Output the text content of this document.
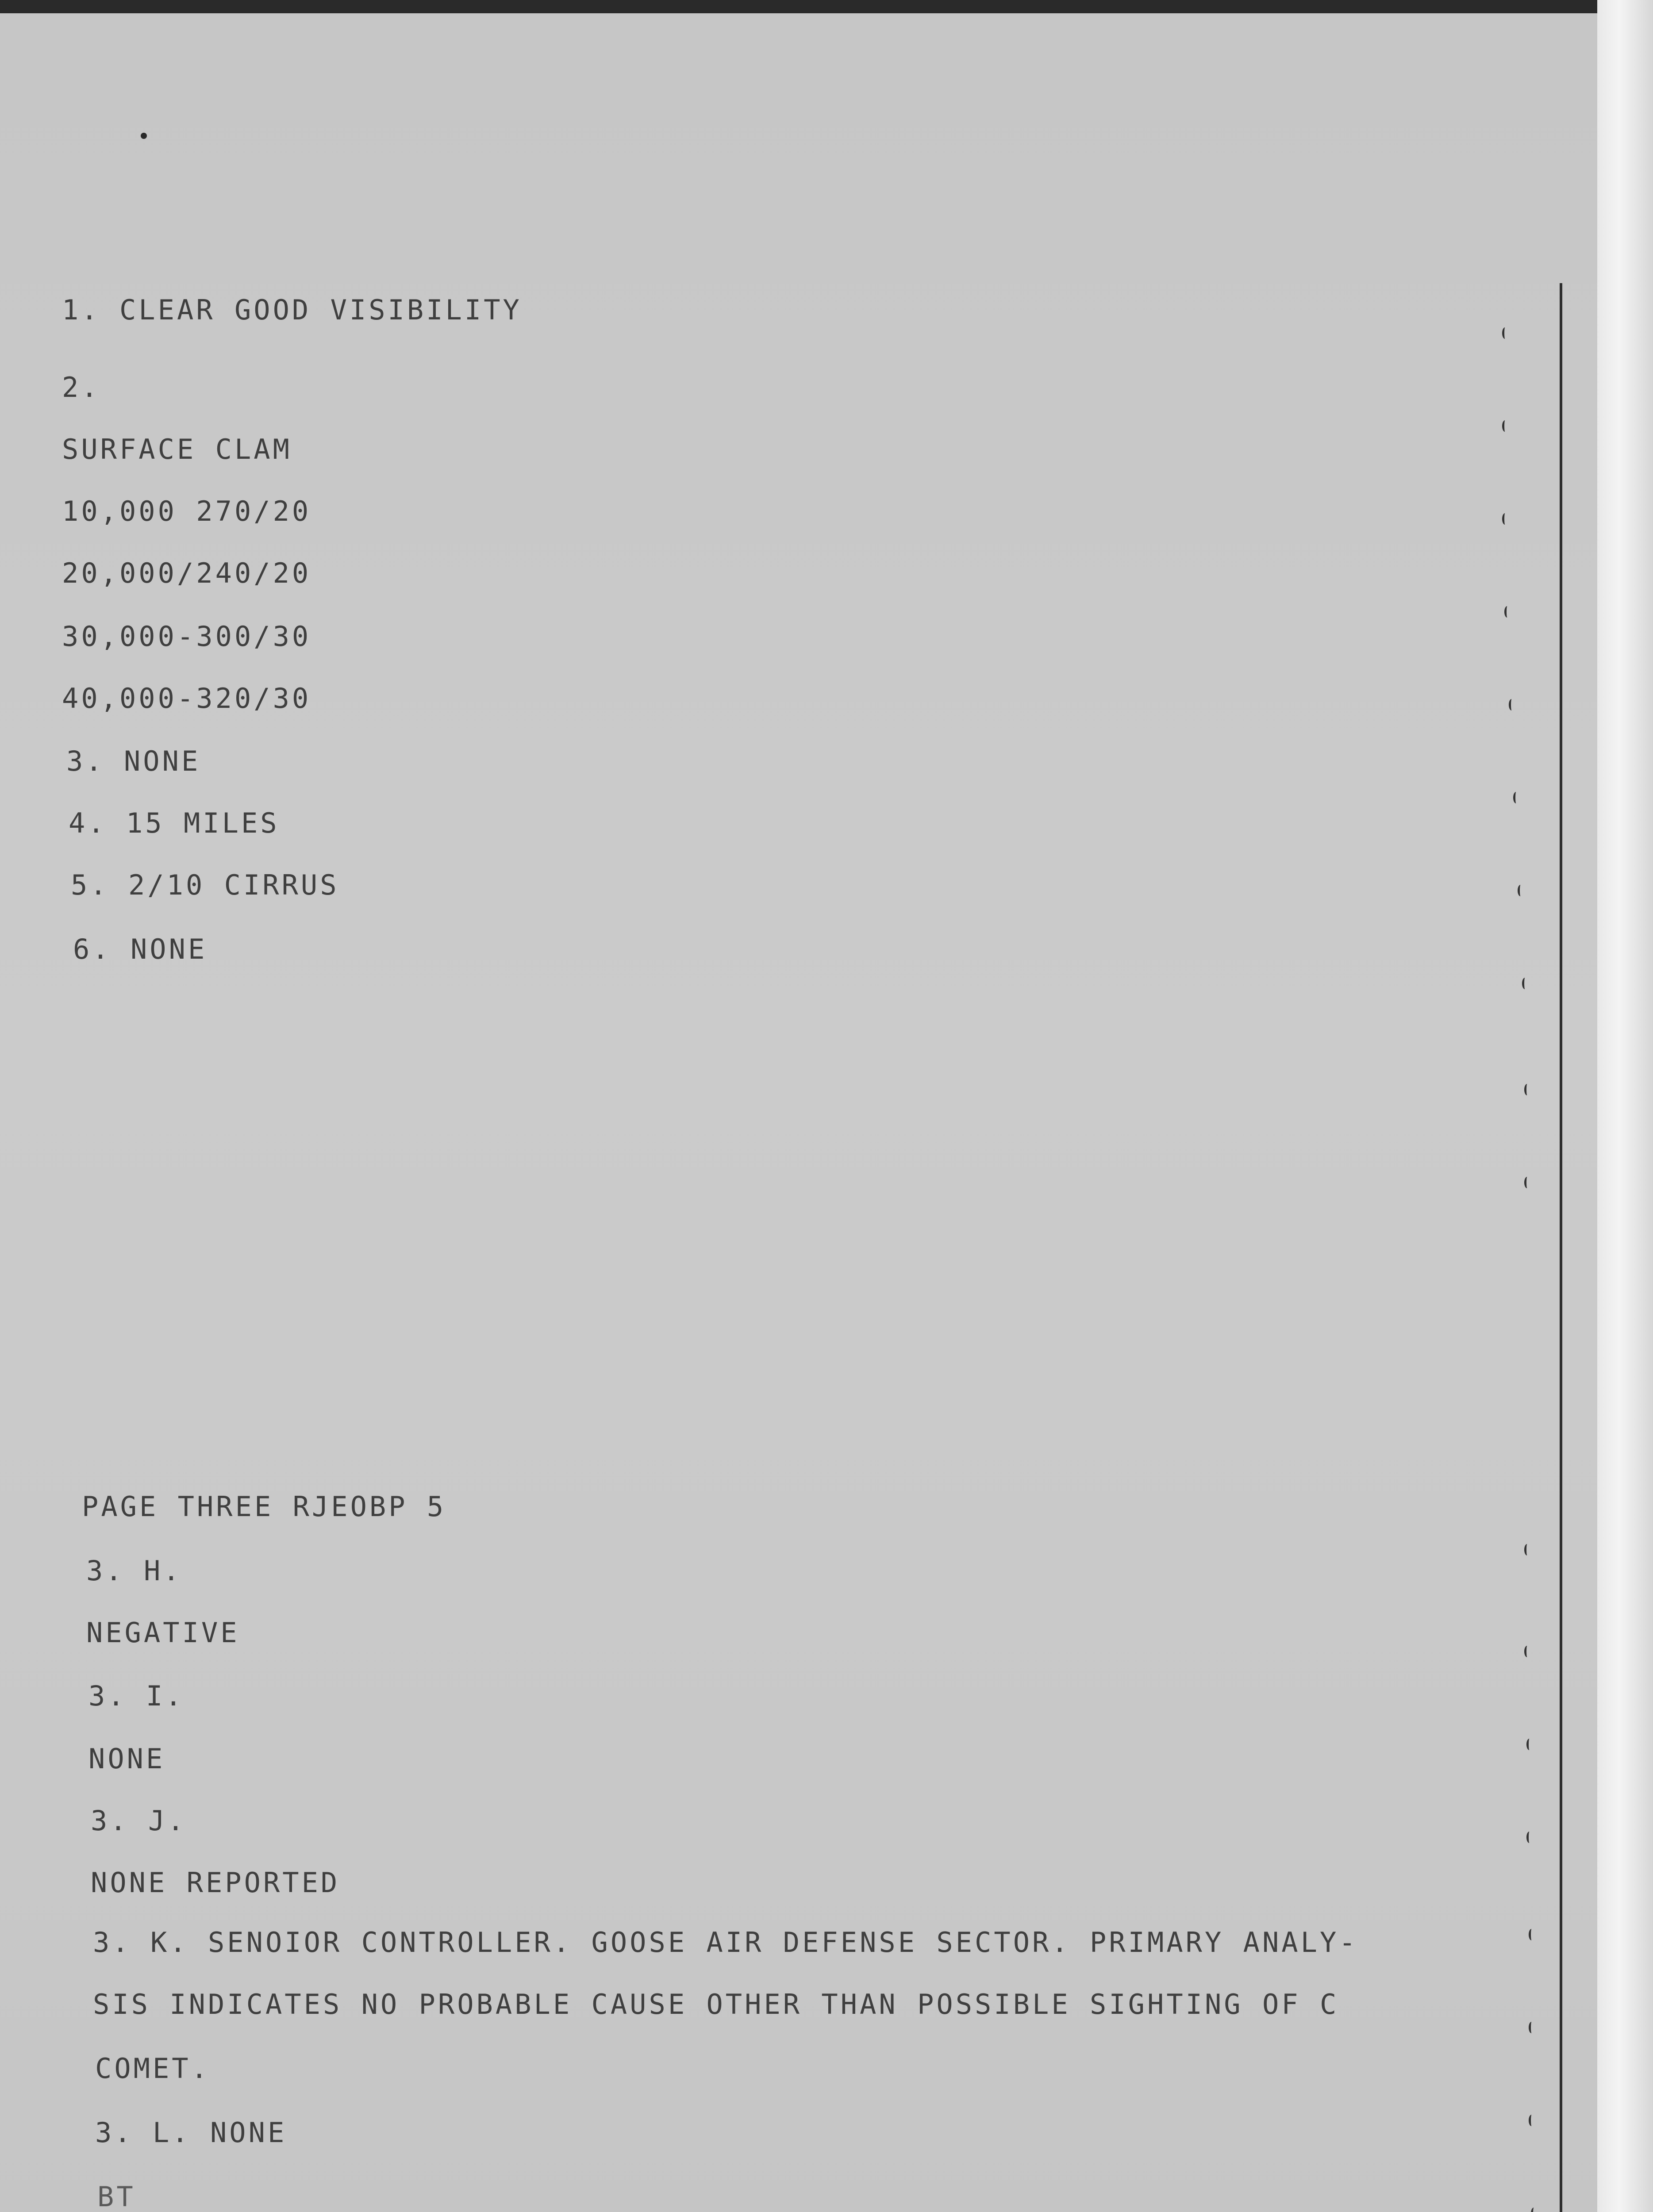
1. CLEAR GOOD VISIBILITY

2.

SURFACE CLAM

10,000 270/20

20,000/240/20

30,000-300/30

40,000-320/30

3. NONE

4. 15 MILES

5. 2/10 CIRRUS

6. NONE

PAGE THREE RJEOBP 5

3. H.

NEGATIVE

3. I.

NONE

3. J.

NONE REPORTED

3. K. SENOIOR CONTROLLER. GOOSE AIR DEFENSE SECTOR. PRIMARY ANALY-

SIS INDICATES NO PROBABLE CAUSE OTHER THAN POSSIBLE SIGHTING OF C

COMET.

3. L. NONE

BT
